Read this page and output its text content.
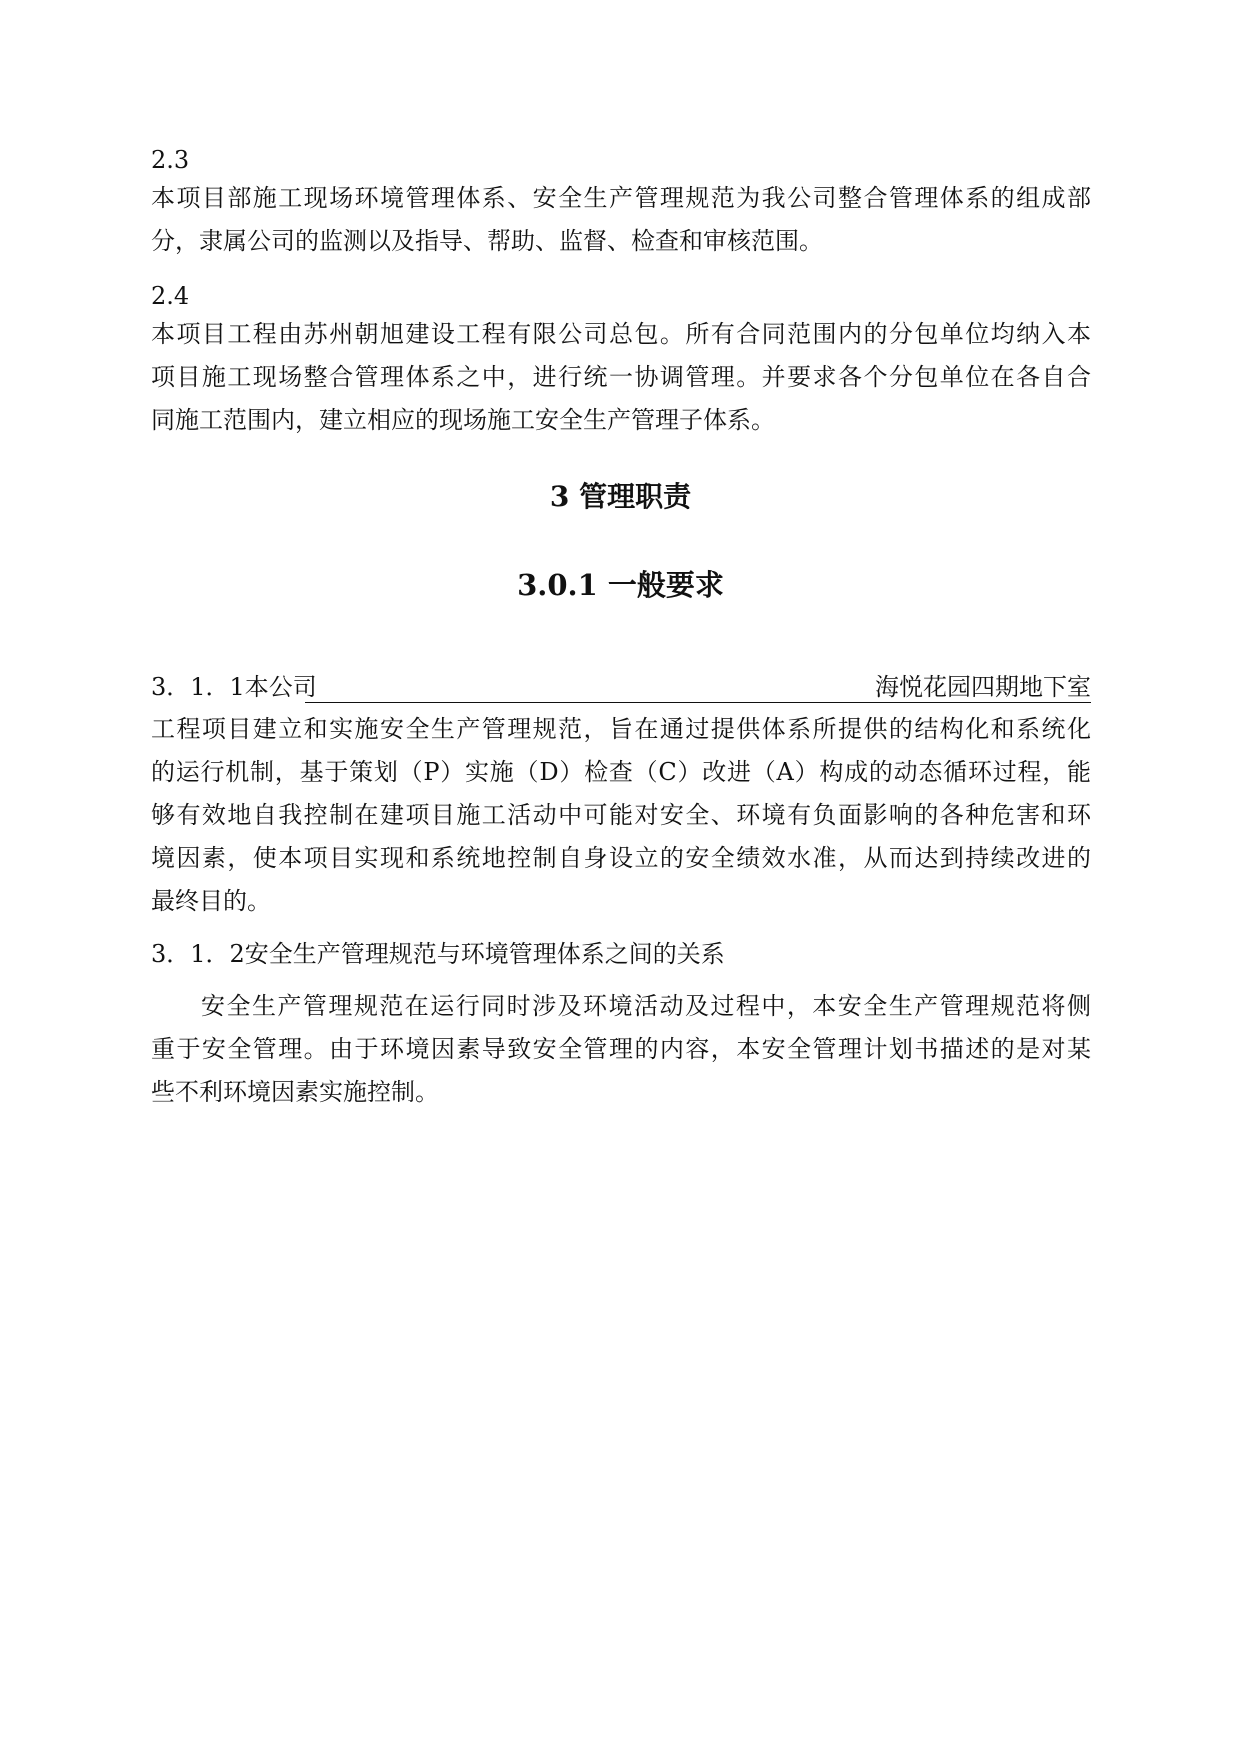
2.3
本项目部施工现场环境管理体系、安全生产管理规范为我公司整合管理体系的组成部
分，隶属公司的监测以及指导、帮助、监督、检查和审核范围。
2.4
本项目工程由苏州朝旭建设工程有限公司总包。所有合同范围内的分包单位均纳入本
项目施工现场整合管理体系之中，进行统一协调管理。并要求各个分包单位在各自合
同施工范围内，建立相应的现场施工安全生产管理子体系。
3 管理职责
3.0.1 一般要求
3．1．1本公司	海悦花园四期地下室
工程项目建立和实施安全生产管理规范，旨在通过提供体系所提供的结构化和系统化
的运行机制，基于策划（P）实施（D）检查（C）改进（A）构成的动态循环过程，能
够有效地自我控制在建项目施工活动中可能对安全、环境有负面影响的各种危害和环
境因素，使本项目实现和系统地控制自身设立的安全绩效水准，从而达到持续改进的
最终目的。
3．1．2安全生产管理规范与环境管理体系之间的关系
安全生产管理规范在运行同时涉及环境活动及过程中，本安全生产管理规范将侧
重于安全管理。由于环境因素导致安全管理的内容，本安全管理计划书描述的是对某
些不利环境因素实施控制。
